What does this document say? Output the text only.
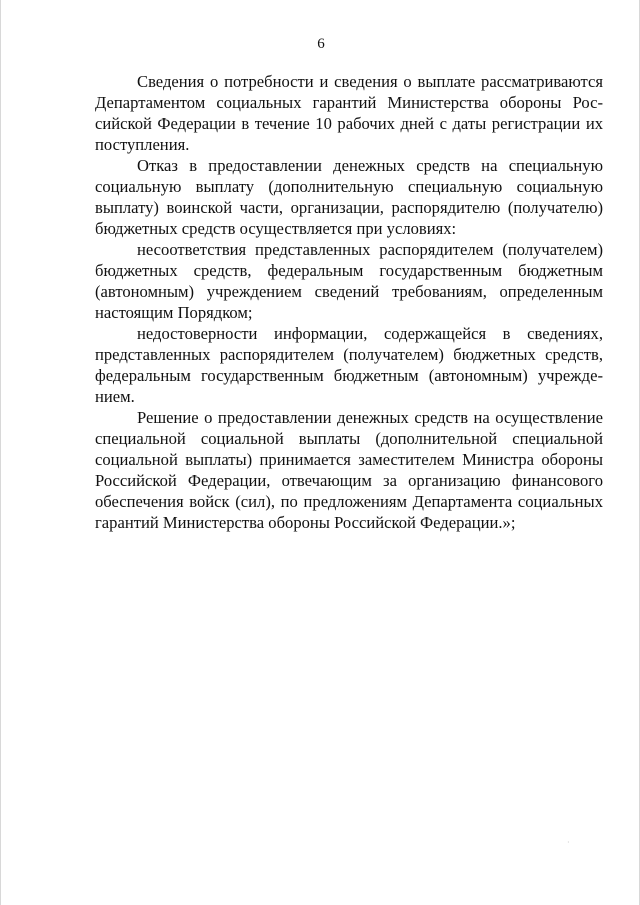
6

Сведения о потребности и сведения о выплате рассматриваются Департаментом социальных гарантий Министерства обороны Российской Федерации в течение 10 рабочих дней с даты регистрации их поступления.

Отказ в предоставлении денежных средств на специальную социальную выплату (дополнительную специальную социальную выплату) воинской части, организации, распорядителю (получателю) бюджетных средств осуществляется при условиях:

несоответствия представленных распорядителем (получателем) бюджетных средств, федеральным государственным бюджетным (автономным) учреждением сведений требованиям, определенным настоящим Порядком;

недостоверности информации, содержащейся в сведениях, представленных распорядителем (получателем) бюджетных средств, федеральным государственным бюджетным (автономным) учреждением.

Решение о предоставлении денежных средств на осуществление специальной социальной выплаты (дополнительной специальной социальной выплаты) принимается заместителем Министра обороны Российской Федерации, отвечающим за организацию финансового обеспечения войск (сил), по предложениям Департамента социальных гарантий Министерства обороны Российской Федерации.»;

·
